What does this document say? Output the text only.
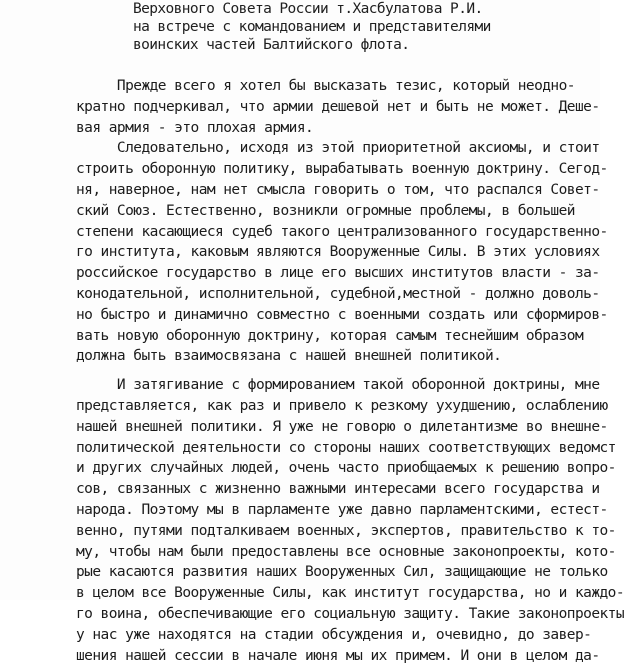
Верховного Совета России т.Хасбулатова Р.И.
на встрече с командованием и представителями
воинских частей Балтийского флота.
Прежде всего я хотел бы высказать тезис, который неодно-
кратно подчеркивал, что армии дешевой нет и быть не может. Деше-
вая армия - это плохая армия.
Следовательно, исходя из этой приоритетной аксиомы, и стоит
строить оборонную политику, вырабатывать военную доктрину. Сегод-
ня, наверное, нам нет смысла говорить о том, что распался Совет-
ский Союз. Естественно, возникли огромные проблемы, в большей
степени касающиеся судеб такого централизованного государственно-
го института, каковым являются Вооруженные Силы. В этих условиях
российское государство в лице его высших институтов власти - за-
конодательной, исполнительной, судебной,местной - должно доволь-
но быстро и динамично совместно с военными создать или сформиров-
вать новую оборонную доктрину, которая самым теснейшим образом
должна быть взаимосвязана с нашей внешней политикой.
И затягивание с формированием такой оборонной доктрины, мне
представляется, как раз и привело к резкому ухудшению, ослаблению
нашей внешней политики. Я уже не говорю о дилетантизме во внешне-
политической деятельности со стороны наших соответствующих ведомст
и других случайных людей, очень часто приобщаемых к решению вопро-
сов, связанных с жизненно важными интересами всего государства и
народа. Поэтому мы в парламенте уже давно парламентскими, естест-
венно, путями подталкиваем военных, экспертов, правительство к то-
му, чтобы нам были предоставлены все основные законопроекты, кото-
рые касаются развития наших Вооруженных Сил, защищающие не только
в целом все Вооруженные Силы, как институт государства, но и каждо-
го воина, обеспечивающие его социальную защиту. Такие законопроекты
у нас уже находятся на стадии обсуждения и, очевидно, до завер-
шения нашей сессии в начале июня мы их примем. И они в целом да-
